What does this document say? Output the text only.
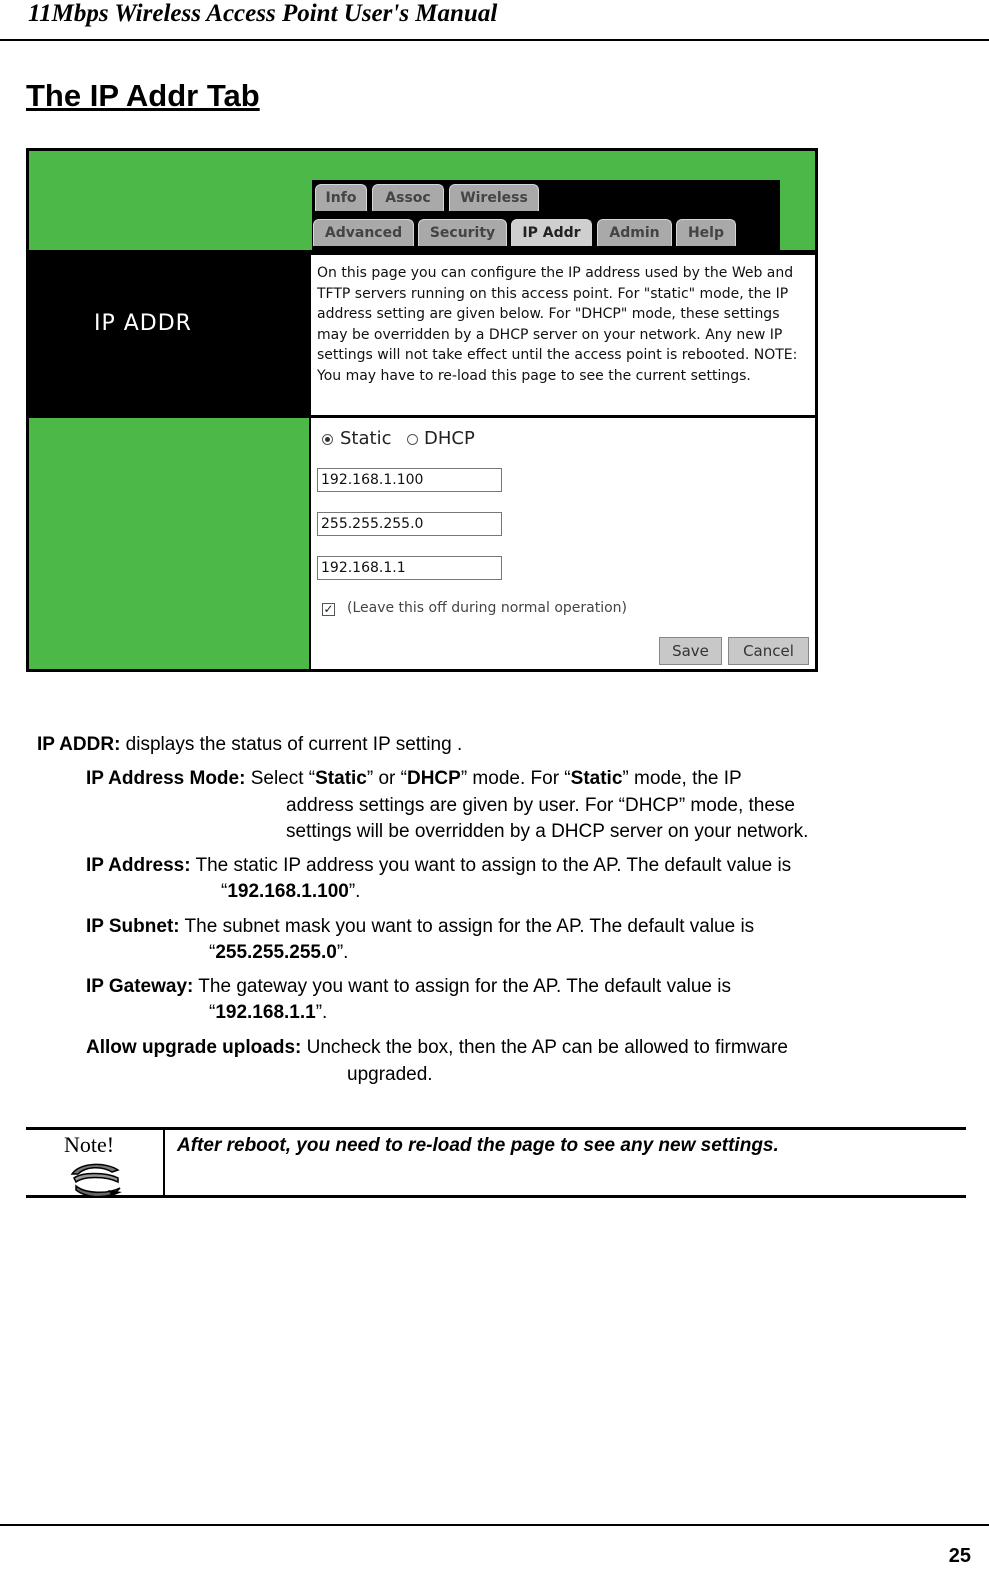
11Mbps Wireless Access Point User's Manual
The IP Addr Tab
Info	Assoc	Wireless
Advanced	Security	IP Addr	Admin	Help
IP ADDR
On this page you can configure the IP address used by the Web and TFTP servers running on this access point. For "static" mode, the IP address setting are given below. For "DHCP" mode, these settings may be overridden by a DHCP server on your network. Any new IP settings will not take effect until the access point is rebooted. NOTE: You may have to re-load this page to see the current settings.
Static DHCP
192.168.1.100
255.255.255.0
192.168.1.1
✓ (Leave this off during normal operation)
Save	Cancel
IP ADDR: displays the status of current IP setting .
IP Address Mode: Select “Static” or “DHCP” mode. For “Static” mode, the IP
address settings are given by user. For “DHCP” mode, these
settings will be overridden by a DHCP server on your network.
IP Address: The static IP address you want to assign to the AP. The default value is
“192.168.1.100”.
IP Subnet: The subnet mask you want to assign for the AP. The default value is
“255.255.255.0”.
IP Gateway: The gateway you want to assign for the AP. The default value is
“192.168.1.1”.
Allow upgrade uploads: Uncheck the box, then the AP can be allowed to firmware
upgraded.
Note!	After reboot, you need to re-load the page to see any new settings.
25
